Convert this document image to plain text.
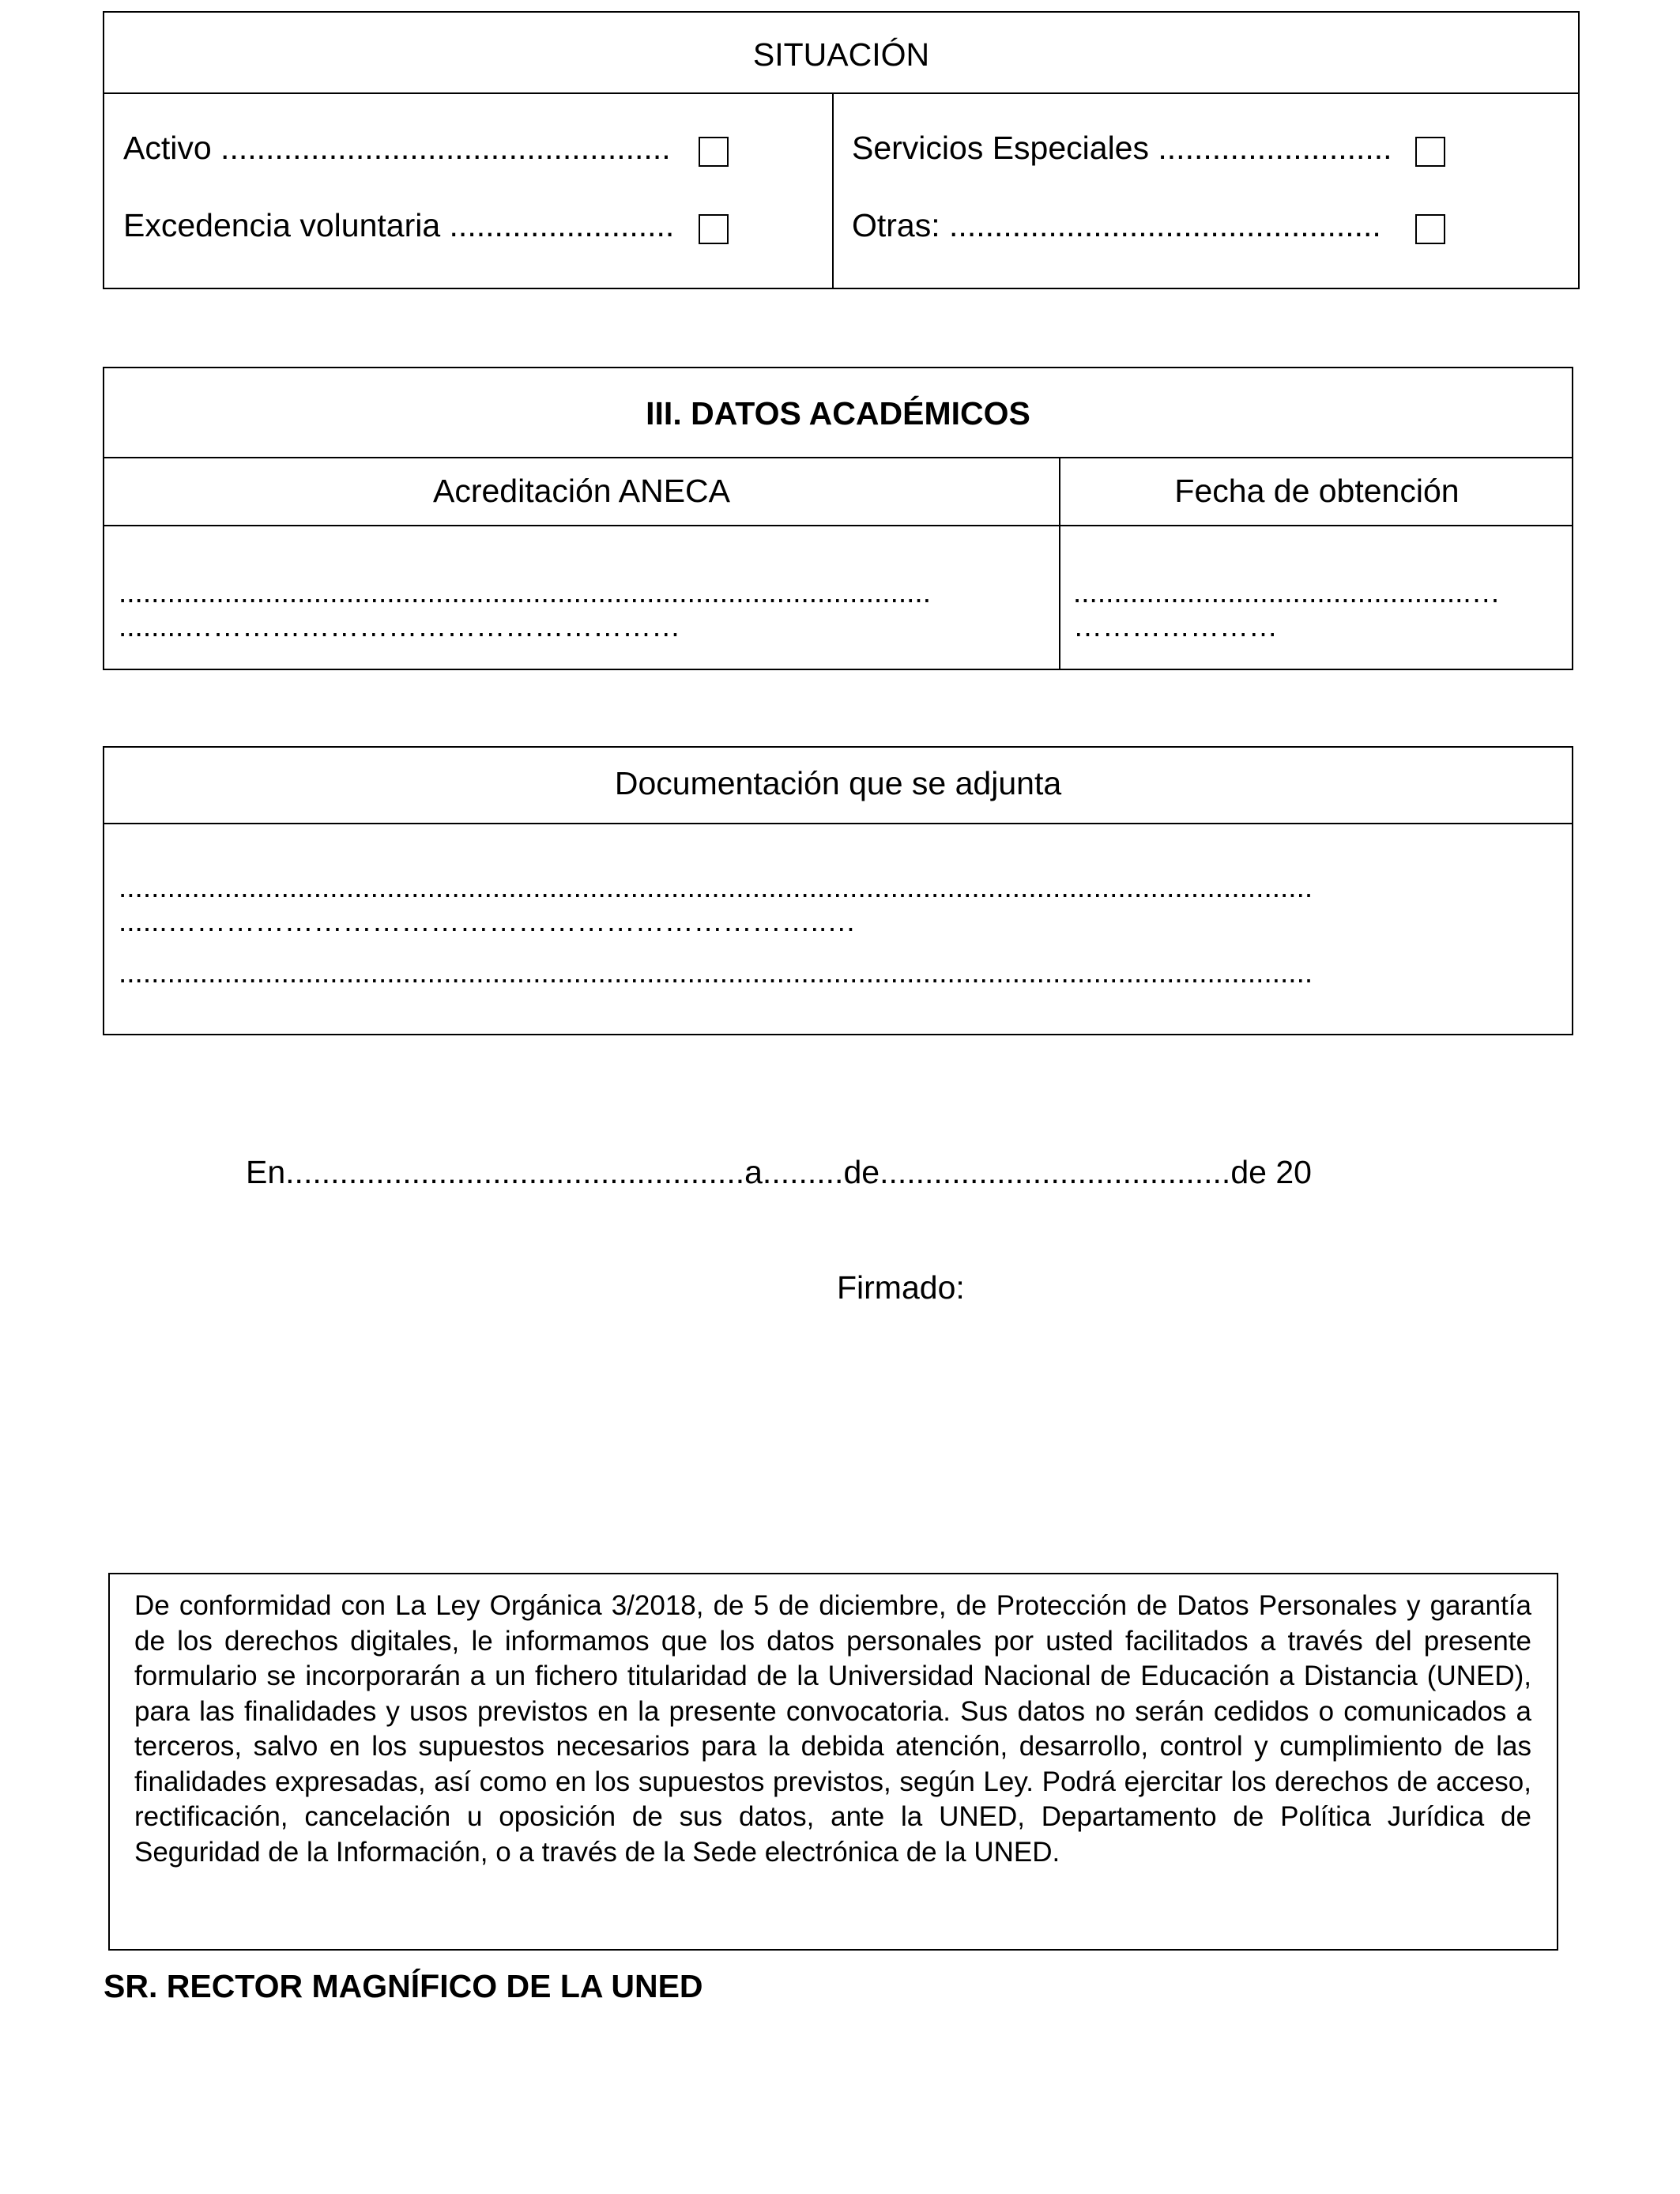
SITUACIÓN
Activo ..................................................
Excedencia voluntaria .........................
Servicios Especiales ..........................
Otras: ................................................
III. DATOS ACADÉMICOS
Acreditación ANECA	Fecha de obtención
....................................................................................................
........……………………………………………
.................................................…
…………………
Documentación que se adjunta
...................................................................................................................................................
......…………………………………………………………..…
...................................................................................................................................................
En...................................................a.........de.......................................de 20
Firmado:
De conformidad con La Ley Orgánica 3/2018, de 5 de diciembre, de Protección de Datos Personales y garantía de los derechos digitales, le informamos que los datos personales por usted facilitados a través del presente formulario se incorporarán a un fichero titularidad de la Universidad Nacional de Educación a Distancia (UNED), para las finalidades y usos previstos en la presente convocatoria. Sus datos no serán cedidos o comunicados a terceros, salvo en los supuestos necesarios para la debida atención, desarrollo, control y cumplimiento de las finalidades expresadas, así como en los supuestos previstos, según Ley. Podrá ejercitar los derechos de acceso, rectificación, cancelación u oposición de sus datos, ante la UNED, Departamento de Política Jurídica de Seguridad de la Información, o a través de la Sede electrónica de la UNED.
SR. RECTOR MAGNÍFICO DE LA UNED
